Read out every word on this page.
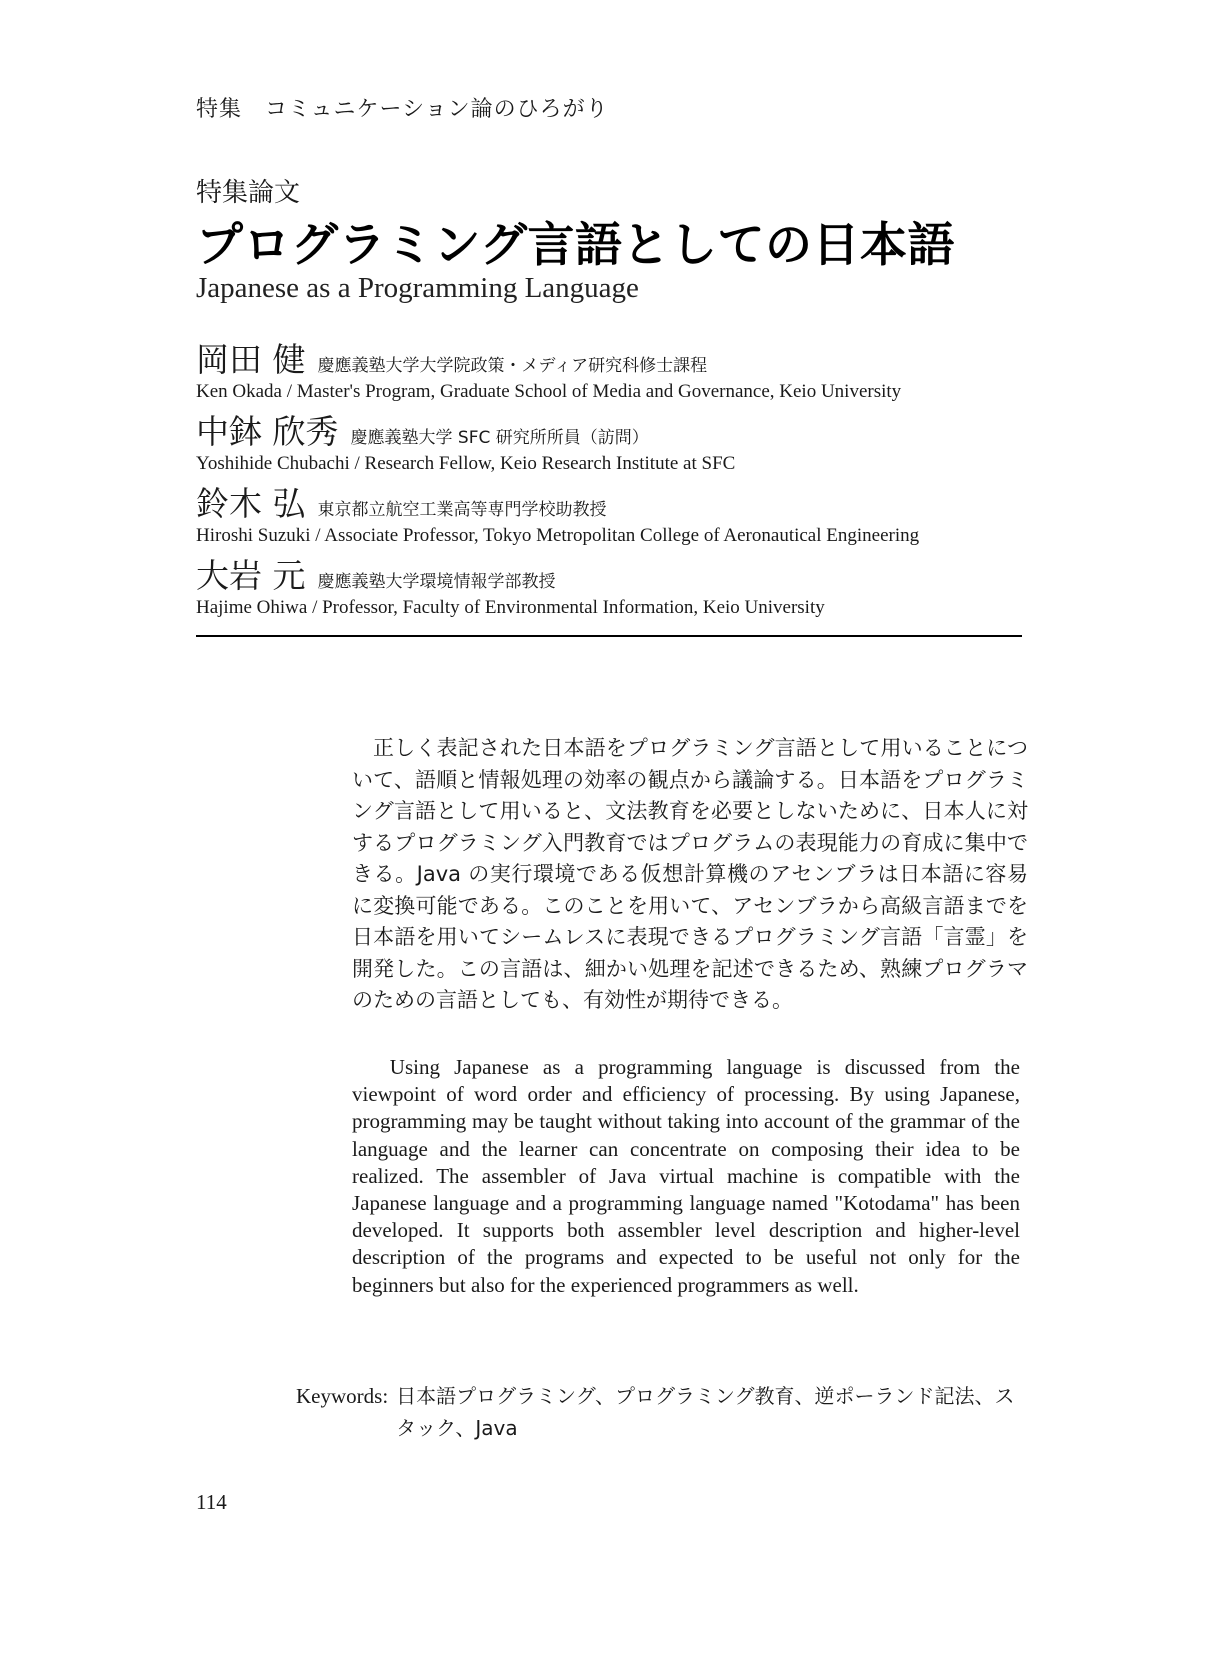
特集　コミュニケーション論のひろがり
特集論文
プログラミング言語としての日本語
Japanese as a Programming Language
岡田 健 慶應義塾大学大学院政策・メディア研究科修士課程
Ken Okada / Master's Program, Graduate School of Media and Governance, Keio University
中鉢 欣秀 慶應義塾大学 SFC 研究所所員（訪問）
Yoshihide Chubachi / Research Fellow, Keio Research Institute at SFC
鈴木 弘 東京都立航空工業高等専門学校助教授
Hiroshi Suzuki / Associate Professor, Tokyo Metropolitan College of Aeronautical Engineering
大岩 元 慶應義塾大学環境情報学部教授
Hajime Ohiwa / Professor, Faculty of Environmental Information, Keio University

正しく表記された日本語をプログラミング言語として用いることについて、語順と情報処理の効率の観点から議論する。日本語をプログラミング言語として用いると、文法教育を必要としないために、日本人に対するプログラミング入門教育ではプログラムの表現能力の育成に集中できる。Java の実行環境である仮想計算機のアセンブラは日本語に容易に変換可能である。このことを用いて、アセンブラから高級言語までを日本語を用いてシームレスに表現できるプログラミング言語「言霊」を開発した。この言語は、細かい処理を記述できるため、熟練プログラマのための言語としても、有効性が期待できる。

Using Japanese as a programming language is discussed from the viewpoint of word order and efficiency of processing. By using Japanese, programming may be taught without taking into account of the grammar of the language and the learner can concentrate on composing their idea to be realized. The assembler of Java virtual machine is compatible with the Japanese language and a programming language named "Kotodama" has been developed. It supports both assembler level description and higher-level description of the programs and expected to be useful not only for the beginners but also for the experienced programmers as well.

Keywords: 日本語プログラミング、プログラミング教育、逆ポーランド記法、スタック、Java
114
